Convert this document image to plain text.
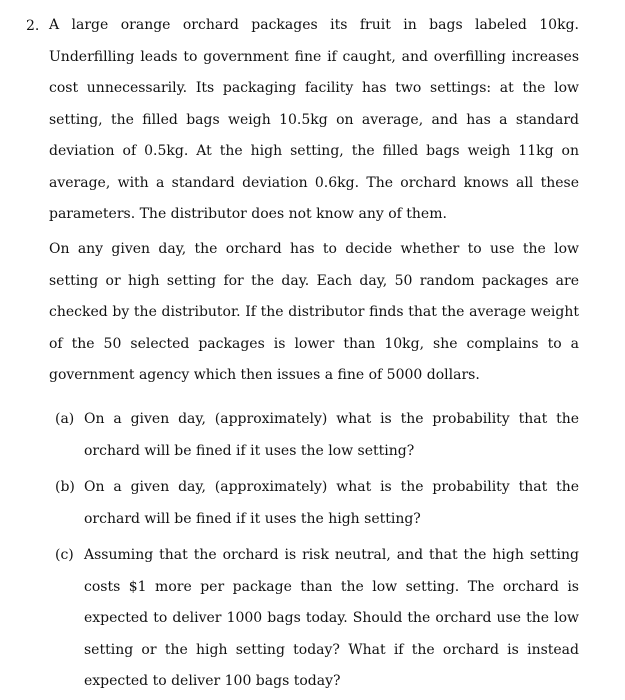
2. A large orange orchard packages its fruit in bags labeled 10kg. Underfilling leads to government fine if caught, and overfilling increases cost unnecessarily. Its packaging facility has two settings: at the low setting, the filled bags weigh 10.5kg on average, and has a standard deviation of 0.5kg. At the high setting, the filled bags weigh 11kg on average, with a standard deviation 0.6kg. The orchard knows all these parameters. The distributor does not know any of them.
On any given day, the orchard has to decide whether to use the low setting or high setting for the day. Each day, 50 random packages are checked by the distributor. If the distributor finds that the average weight of the 50 selected packages is lower than 10kg, she complains to a government agency which then issues a fine of 5000 dollars.
(a) On a given day, (approximately) what is the probability that the orchard will be fined if it uses the low setting?
(b) On a given day, (approximately) what is the probability that the orchard will be fined if it uses the high setting?
(c) Assuming that the orchard is risk neutral, and that the high setting costs $1 more per package than the low setting. The orchard is expected to deliver 1000 bags today. Should the orchard use the low setting or the high setting today? What if the orchard is instead expected to deliver 100 bags today?
